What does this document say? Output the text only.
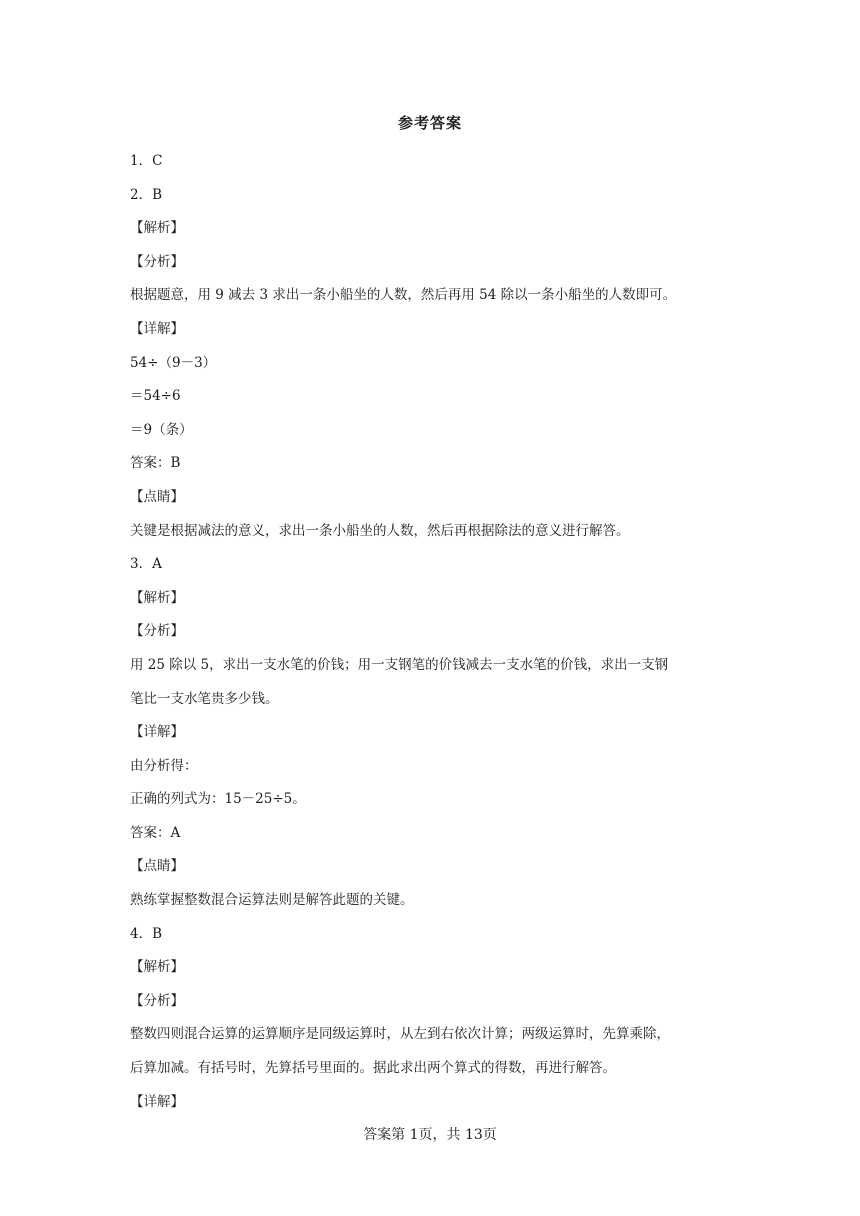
参考答案

1．C

2．B

【解析】

【分析】

根据题意，用 9 减去 3 求出一条小船坐的人数，然后再用 54 除以一条小船坐的人数即可。

【详解】

54÷（9－3）

＝54÷6

＝9（条）

答案：B

【点睛】

关键是根据减法的意义，求出一条小船坐的人数，然后再根据除法的意义进行解答。

3．A

【解析】

【分析】

用 25 除以 5，求出一支水笔的价钱；用一支钢笔的价钱减去一支水笔的价钱，求出一支钢

笔比一支水笔贵多少钱。

【详解】

由分析得：

正确的列式为：15－25÷5。

答案：A

【点睛】

熟练掌握整数混合运算法则是解答此题的关键。

4．B

【解析】

【分析】

整数四则混合运算的运算顺序是同级运算时，从左到右依次计算；两级运算时，先算乘除，

后算加减。有括号时，先算括号里面的。据此求出两个算式的得数，再进行解答。

【详解】

答案第 1页，共 13页
